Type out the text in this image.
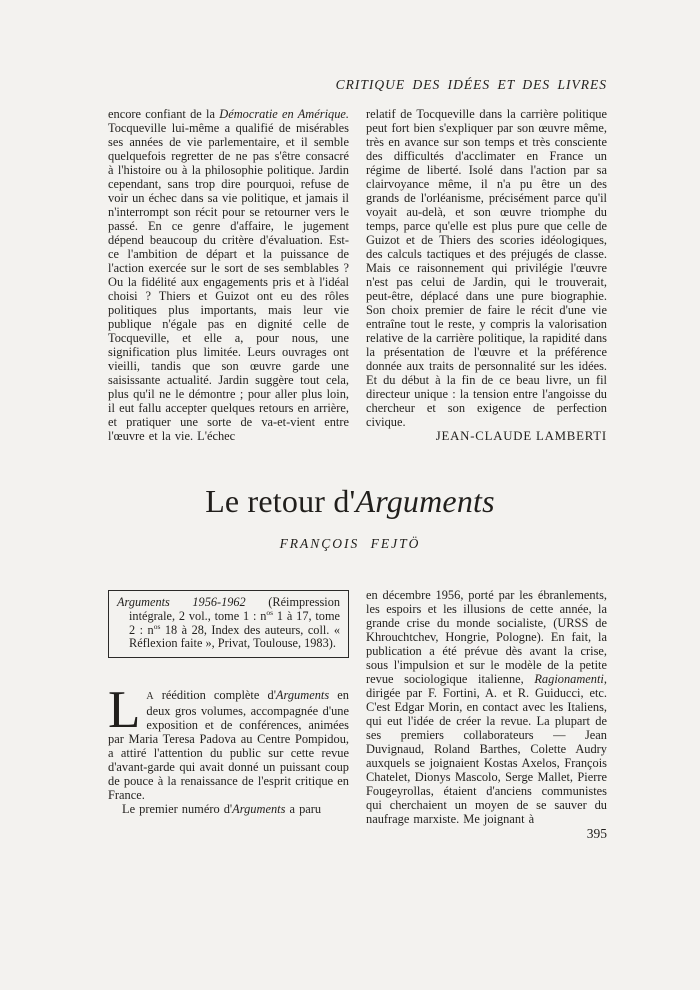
CRITIQUE DES IDÉES ET DES LIVRES

encore confiant de la Démocratie en Amérique. Tocqueville lui-même a qualifié de misérables ses années de vie parlementaire, et il semble quelquefois regretter de ne pas s'être consacré à l'histoire ou à la philosophie politique. Jardin cependant, sans trop dire pourquoi, refuse de voir un échec dans sa vie politique, et jamais il n'interrompt son récit pour se retourner vers le passé. En ce genre d'affaire, le jugement dépend beaucoup du critère d'évaluation. Est-ce l'ambition de départ et la puissance de l'action exercée sur le sort de ses semblables ? Ou la fidélité aux engagements pris et à l'idéal choisi ? Thiers et Guizot ont eu des rôles politiques plus importants, mais leur vie publique n'égale pas en dignité celle de Tocqueville, et elle a, pour nous, une signification plus limitée. Leurs ouvrages ont vieilli, tandis que son œuvre garde une saisissante actualité. Jardin suggère tout cela, plus qu'il ne le démontre ; pour aller plus loin, il eut fallu accepter quelques retours en arrière, et pratiquer une sorte de va-et-vient entre l'œuvre et la vie. L'échec

relatif de Tocqueville dans la carrière politique peut fort bien s'expliquer par son œuvre même, très en avance sur son temps et très consciente des difficultés d'acclimater en France un régime de liberté. Isolé dans l'action par sa clairvoyance même, il n'a pu être un des grands de l'orléanisme, précisément parce qu'il voyait au-delà, et son œuvre triomphe du temps, parce qu'elle est plus pure que celle de Guizot et de Thiers des scories idéologiques, des calculs tactiques et des préjugés de classe. Mais ce raisonnement qui privilégie l'œuvre n'est pas celui de Jardin, qui le trouverait, peut-être, déplacé dans une pure biographie. Son choix premier de faire le récit d'une vie entraîne tout le reste, y compris la valorisation relative de la carrière politique, la rapidité dans la présentation de l'œuvre et la préférence donnée aux traits de personnalité sur les idées. Et du début à la fin de ce beau livre, un fil directeur unique : la tension entre l'angoisse du chercheur et son exigence de perfection civique.

JEAN-CLAUDE LAMBERTI

Le retour d'Arguments
FRANÇOIS FEJTÖ

Arguments 1956-1962 (Réimpression intégrale, 2 vol., tome 1 : $n^{os}$ 1 à 17, tome 2 : $n^{os}$ 18 à 28, Index des auteurs, coll. « Réflexion faite », Privat, Toulouse, 1983).

L A réédition complète d'Arguments en deux gros volumes, accompagnée d'une exposition et de conférences, animées par Maria Teresa Padova au Centre Pompidou, a attiré l'attention du public sur cette revue d'avant-garde qui avait donné un puissant coup de pouce à la renaissance de l'esprit critique en France.

Le premier numéro d'Arguments a paru

en décembre 1956, porté par les ébranlements, les espoirs et les illusions de cette année, la grande crise du monde socialiste, (URSS de Khrouchtchev, Hongrie, Pologne). En fait, la publication a été prévue dès avant la crise, sous l'impulsion et sur le modèle de la petite revue sociologique italienne, Ragionamenti, dirigée par F. Fortini, A. et R. Guiducci, etc. C'est Edgar Morin, en contact avec les Italiens, qui eut l'idée de créer la revue. La plupart de ses premiers collaborateurs — Jean Duvignaud, Roland Barthes, Colette Audry auxquels se joignaient Kostas Axelos, François Chatelet, Dionys Mascolo, Serge Mallet, Pierre Fougeyrollas, étaient d'anciens communistes qui cherchaient un moyen de se sauver du naufrage marxiste. Me joignant à

395
